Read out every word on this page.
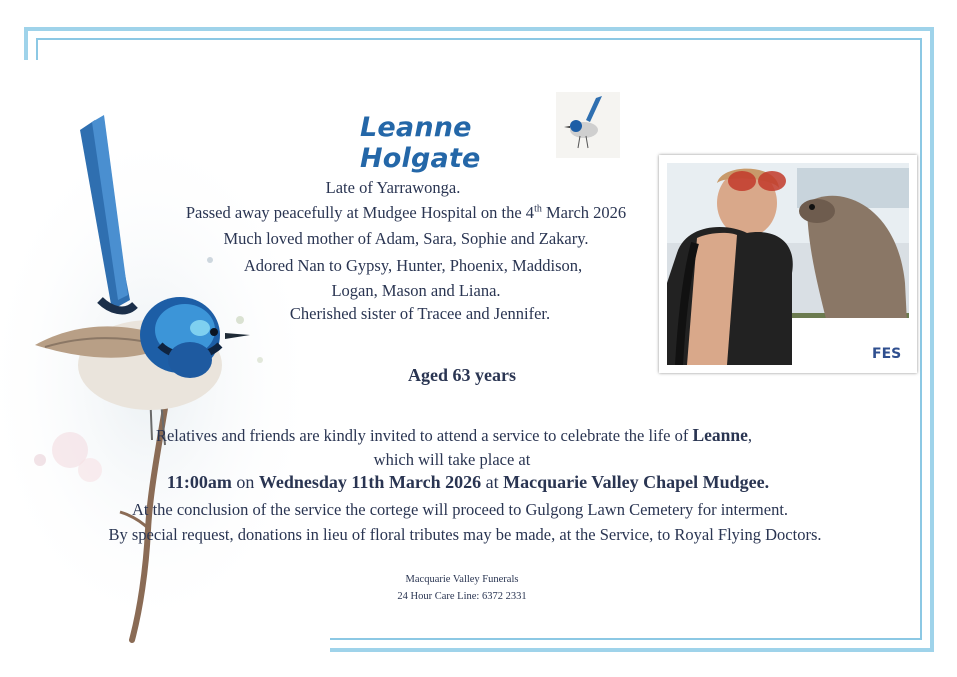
Leanne Holgate
FES
Late of Yarrawonga.
Passed away peacefully at Mudgee Hospital on the 4th March 2026
Much loved mother of Adam, Sara, Sophie and Zakary.
Adored Nan to Gypsy, Hunter, Phoenix, Maddison,
Logan, Mason and Liana.
Cherished sister of Tracee and Jennifer.
Aged 63 years
Relatives and friends are kindly invited to attend a service to celebrate the life of Leanne,
which will take place at
11:00am on Wednesday 11th March 2026 at Macquarie Valley Chapel Mudgee.
At the conclusion of the service the cortege will proceed to Gulgong Lawn Cemetery for interment.
By special request, donations in lieu of floral tributes may be made, at the Service, to Royal Flying Doctors.
Macquarie Valley Funerals
24 Hour Care Line: 6372 2331
